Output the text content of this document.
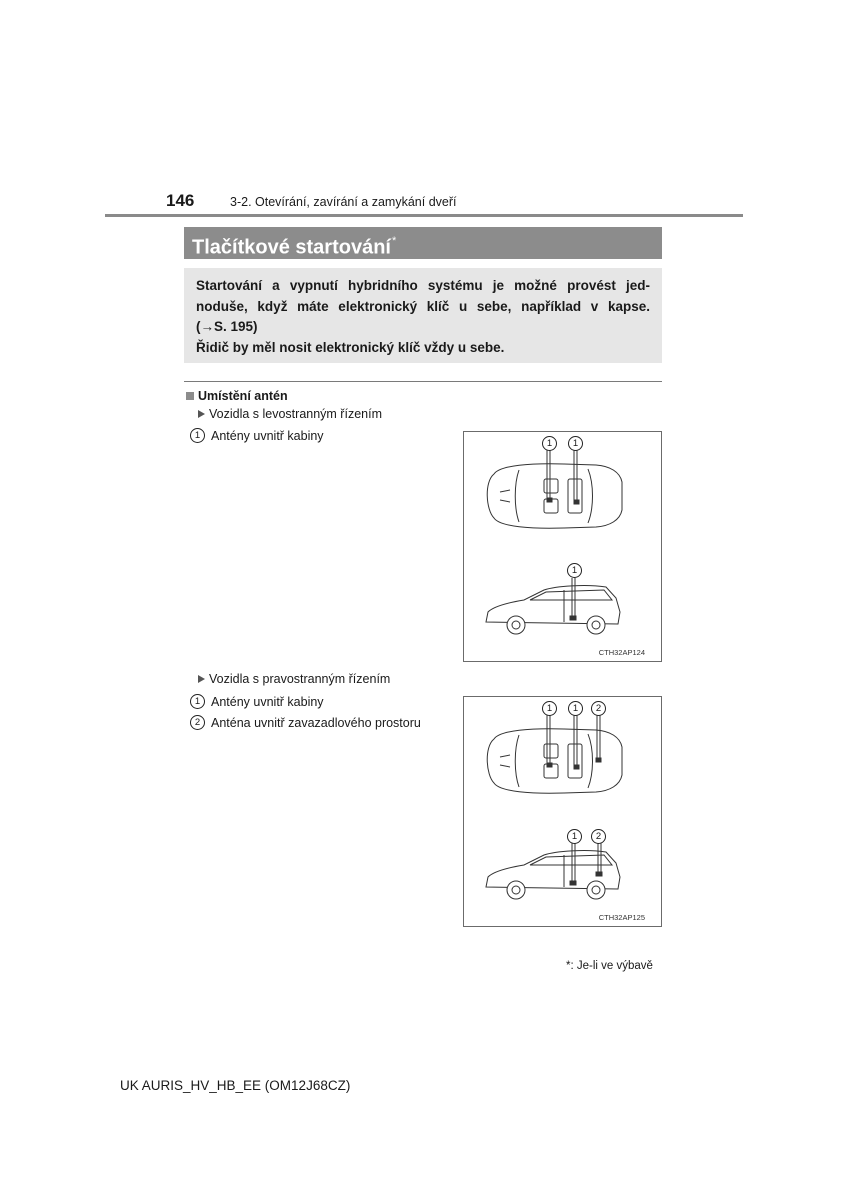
146	3-2. Otevírání, zavírání a zamykání dveří
Tlačítkové startování*
Startování a vypnutí hybridního systému je možné provést jed-
noduše, když máte elektronický klíč u sebe, například v kapse.
(→S. 195)
Řidič by měl nosit elektronický klíč vždy u sebe.
Umístění antén
Vozidla s levostranným řízením
1 Antény uvnitř kabiny
1	1
1
CTH32AP124
Vozidla s pravostranným řízením
1 Antény uvnitř kabiny
2 Anténa uvnitř zavazadlového prostoru
1	1	2
1	2
CTH32AP125
*: Je-li ve výbavě
UK AURIS_HV_HB_EE (OM12J68CZ)
